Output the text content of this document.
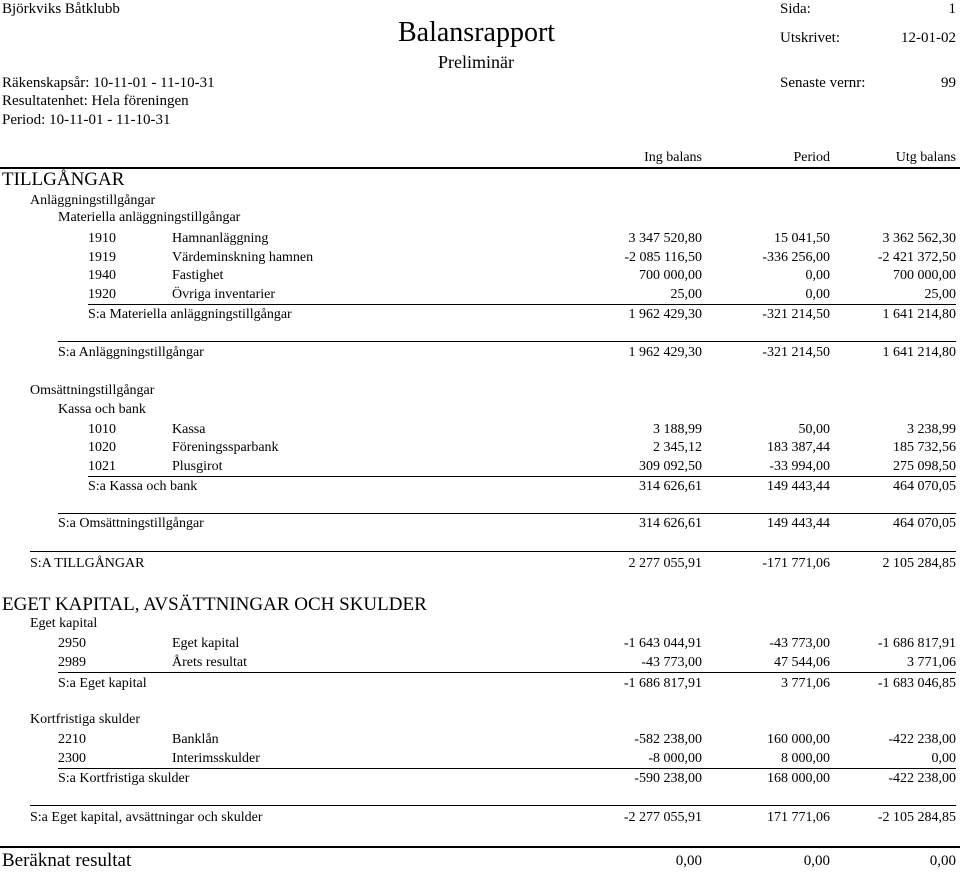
Björkviks Båtklubb	Sida:	1
Balansrapport	Utskrivet:	12-01-02
Preliminär
Räkenskapsår: 10-11-01 - 11-10-31	Senaste vernr:	99
Resultatenhet: Hela föreningen
Period: 10-11-01 - 11-10-31
Ing balans	Period	Utg balans
TILLGÅNGAR
Anläggningstillgångar
Materiella anläggningstillgångar
1910	Hamnanläggning	3 347 520,80	15 041,50	3 362 562,30
1919	Värdeminskning hamnen	-2 085 116,50	-336 256,00	-2 421 372,50
1940	Fastighet	700 000,00	0,00	700 000,00
1920	Övriga inventarier	25,00	0,00	25,00
S:a Materiella anläggningstillgångar	1 962 429,30	-321 214,50	1 641 214,80
S:a Anläggningstillgångar	1 962 429,30	-321 214,50	1 641 214,80
Omsättningstillgångar
Kassa och bank
1010	Kassa	3 188,99	50,00	3 238,99
1020	Föreningssparbank	2 345,12	183 387,44	185 732,56
1021	Plusgirot	309 092,50	-33 994,00	275 098,50
S:a Kassa och bank	314 626,61	149 443,44	464 070,05
S:a Omsättningstillgångar	314 626,61	149 443,44	464 070,05
S:A TILLGÅNGAR	2 277 055,91	-171 771,06	2 105 284,85
EGET KAPITAL, AVSÄTTNINGAR OCH SKULDER
Eget kapital
2950	Eget kapital	-1 643 044,91	-43 773,00	-1 686 817,91
2989	Årets resultat	-43 773,00	47 544,06	3 771,06
S:a Eget kapital	-1 686 817,91	3 771,06	-1 683 046,85
Kortfristiga skulder
2210	Banklån	-582 238,00	160 000,00	-422 238,00
2300	Interimsskulder	-8 000,00	8 000,00	0,00
S:a Kortfristiga skulder	-590 238,00	168 000,00	-422 238,00
S:a Eget kapital, avsättningar och skulder	-2 277 055,91	171 771,06	-2 105 284,85
Beräknat resultat	0,00	0,00	0,00
